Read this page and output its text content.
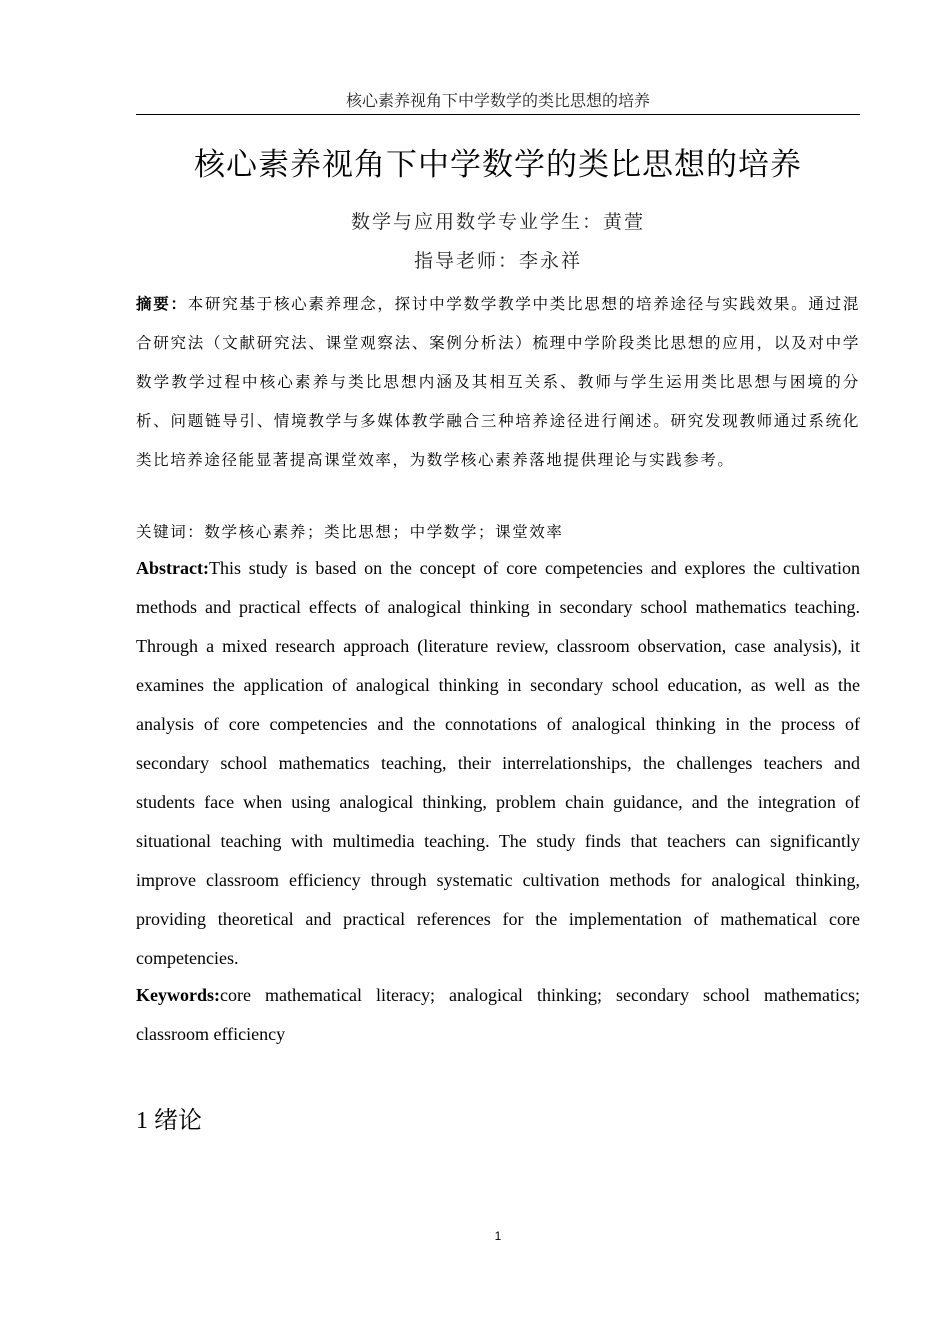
核心素养视角下中学数学的类比思想的培养
核心素养视角下中学数学的类比思想的培养
数学与应用数学专业学生：黄萱
指导老师：李永祥
摘要：本研究基于核心素养理念，探讨中学数学教学中类比思想的培养途径与实践效果。通过混合研究法（文献研究法、课堂观察法、案例分析法）梳理中学阶段类比思想的应用，以及对中学数学教学过程中核心素养与类比思想内涵及其相互关系、教师与学生运用类比思想与困境的分析、问题链导引、情境教学与多媒体教学融合三种培养途径进行阐述。研究发现教师通过系统化类比培养途径能显著提高课堂效率，为数学核心素养落地提供理论与实践参考。
关键词：数学核心素养；类比思想；中学数学；课堂效率
Abstract:This study is based on the concept of core competencies and explores the cultivation methods and practical effects of analogical thinking in secondary school mathematics teaching. Through a mixed research approach (literature review, classroom observation, case analysis), it examines the application of analogical thinking in secondary school education, as well as the analysis of core competencies and the connotations of analogical thinking in the process of secondary school mathematics teaching, their interrelationships, the challenges teachers and students face when using analogical thinking, problem chain guidance, and the integration of situational teaching with multimedia teaching. The study finds that teachers can significantly improve classroom efficiency through systematic cultivation methods for analogical thinking, providing theoretical and practical references for the implementation of mathematical core competencies.
Keywords:core mathematical literacy; analogical thinking; secondary school mathematics; classroom efficiency
1 绪论
1
